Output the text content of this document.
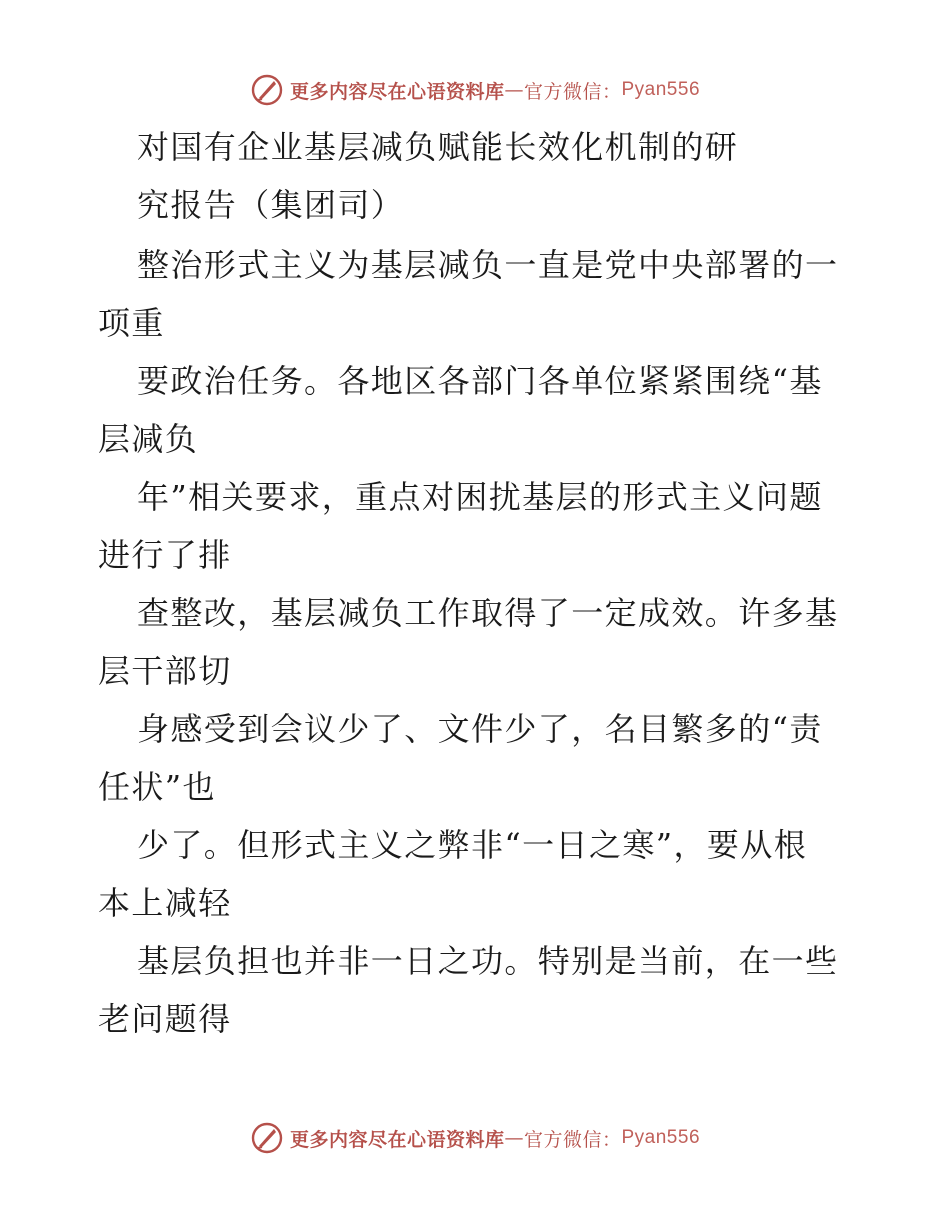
更多内容尽在心语资料库 — 官方微信： Pyan556
对国有企业基层减负赋能长效化机制的研
究报告（集团司）
整治形式主义为基层减负一直是党中央部署的一
项重
要政治任务。各地区各部门各单位紧紧围绕“基
层减负
年”相关要求，重点对困扰基层的形式主义问题
进行了排
查整改，基层减负工作取得了一定成效。许多基
层干部切
身感受到会议少了、文件少了，名目繁多的“责
任状”也
少了。但形式主义之弊非“一日之寒”，要从根
本上减轻
基层负担也并非一日之功。特别是当前，在一些
老问题得
更多内容尽在心语资料库 — 官方微信： Pyan556
